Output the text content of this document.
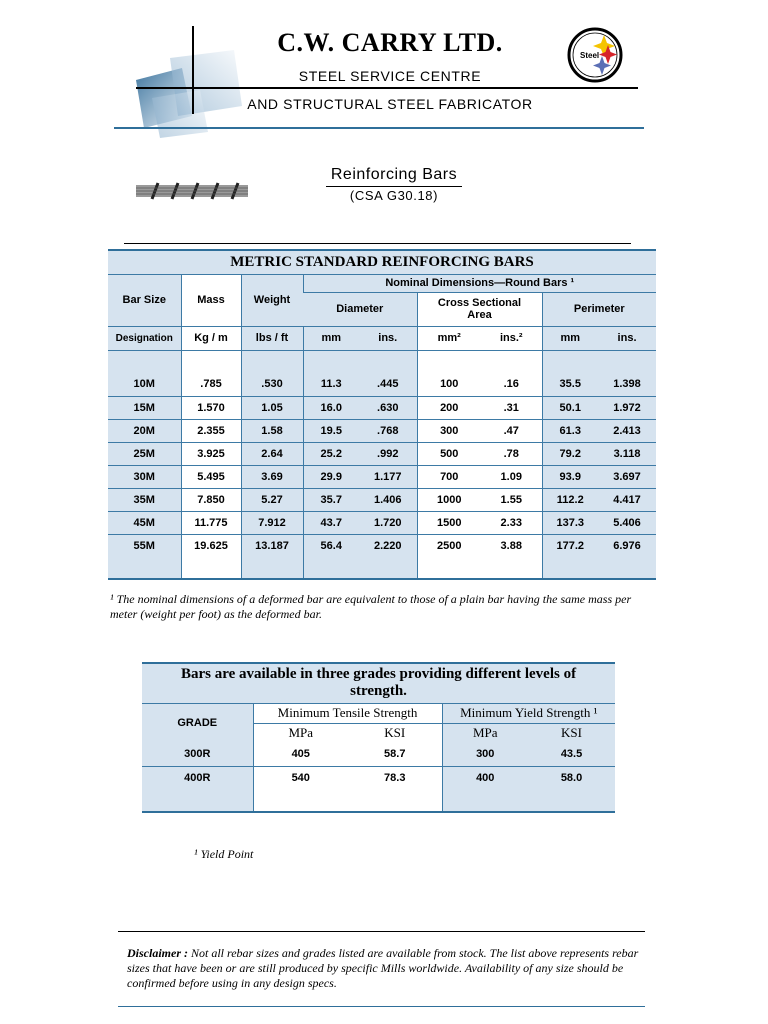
C.W. CARRY LTD.
STEEL SERVICE CENTRE
AND STRUCTURAL STEEL FABRICATOR
Steel
Reinforcing Bars
(CSA G30.18)
METRIC STANDARD REINFORCING BARS								
Bar Size	Mass	Weight	Nominal Dimensions—Round Bars ¹					
			Diameter		Cross Sectional Area		Perimeter	
Designation	Kg / m	lbs / ft	mm	ins.	mm²	ins.²	mm	ins.

10M	.785	.530	11.3	.445	100	.16	35.5	1.398
15M	1.570	1.05	16.0	.630	200	.31	50.1	1.972
20M	2.355	1.58	19.5	.768	300	.47	61.3	2.413
25M	3.925	2.64	25.2	.992	500	.78	79.2	3.118
30M	5.495	3.69	29.9	1.177	700	1.09	93.9	3.697
35M	7.850	5.27	35.7	1.406	1000	1.55	112.2	4.417
45M	11.775	7.912	43.7	1.720	1500	2.33	137.3	5.406
55M	19.625	13.187	56.4	2.220	2500	3.88	177.2	6.976

¹ The nominal dimensions of a deformed bar are equivalent to those of a plain bar having the same mass per meter (weight per foot) as the deformed bar.
Bars are available in three grades providing different levels of strength.				
GRADE	Minimum Tensile Strength		Minimum Yield Strength ¹	
	MPa	KSI	MPa	KSI
300R	405	58.7	300	43.5
400R	540	78.3	400	58.0

¹ Yield Point
Disclaimer : Not all rebar sizes and grades listed are available from stock. The list above represents rebar sizes that have been or are still produced by specific Mills worldwide. Availability of any size should be confirmed before using in any design specs.
